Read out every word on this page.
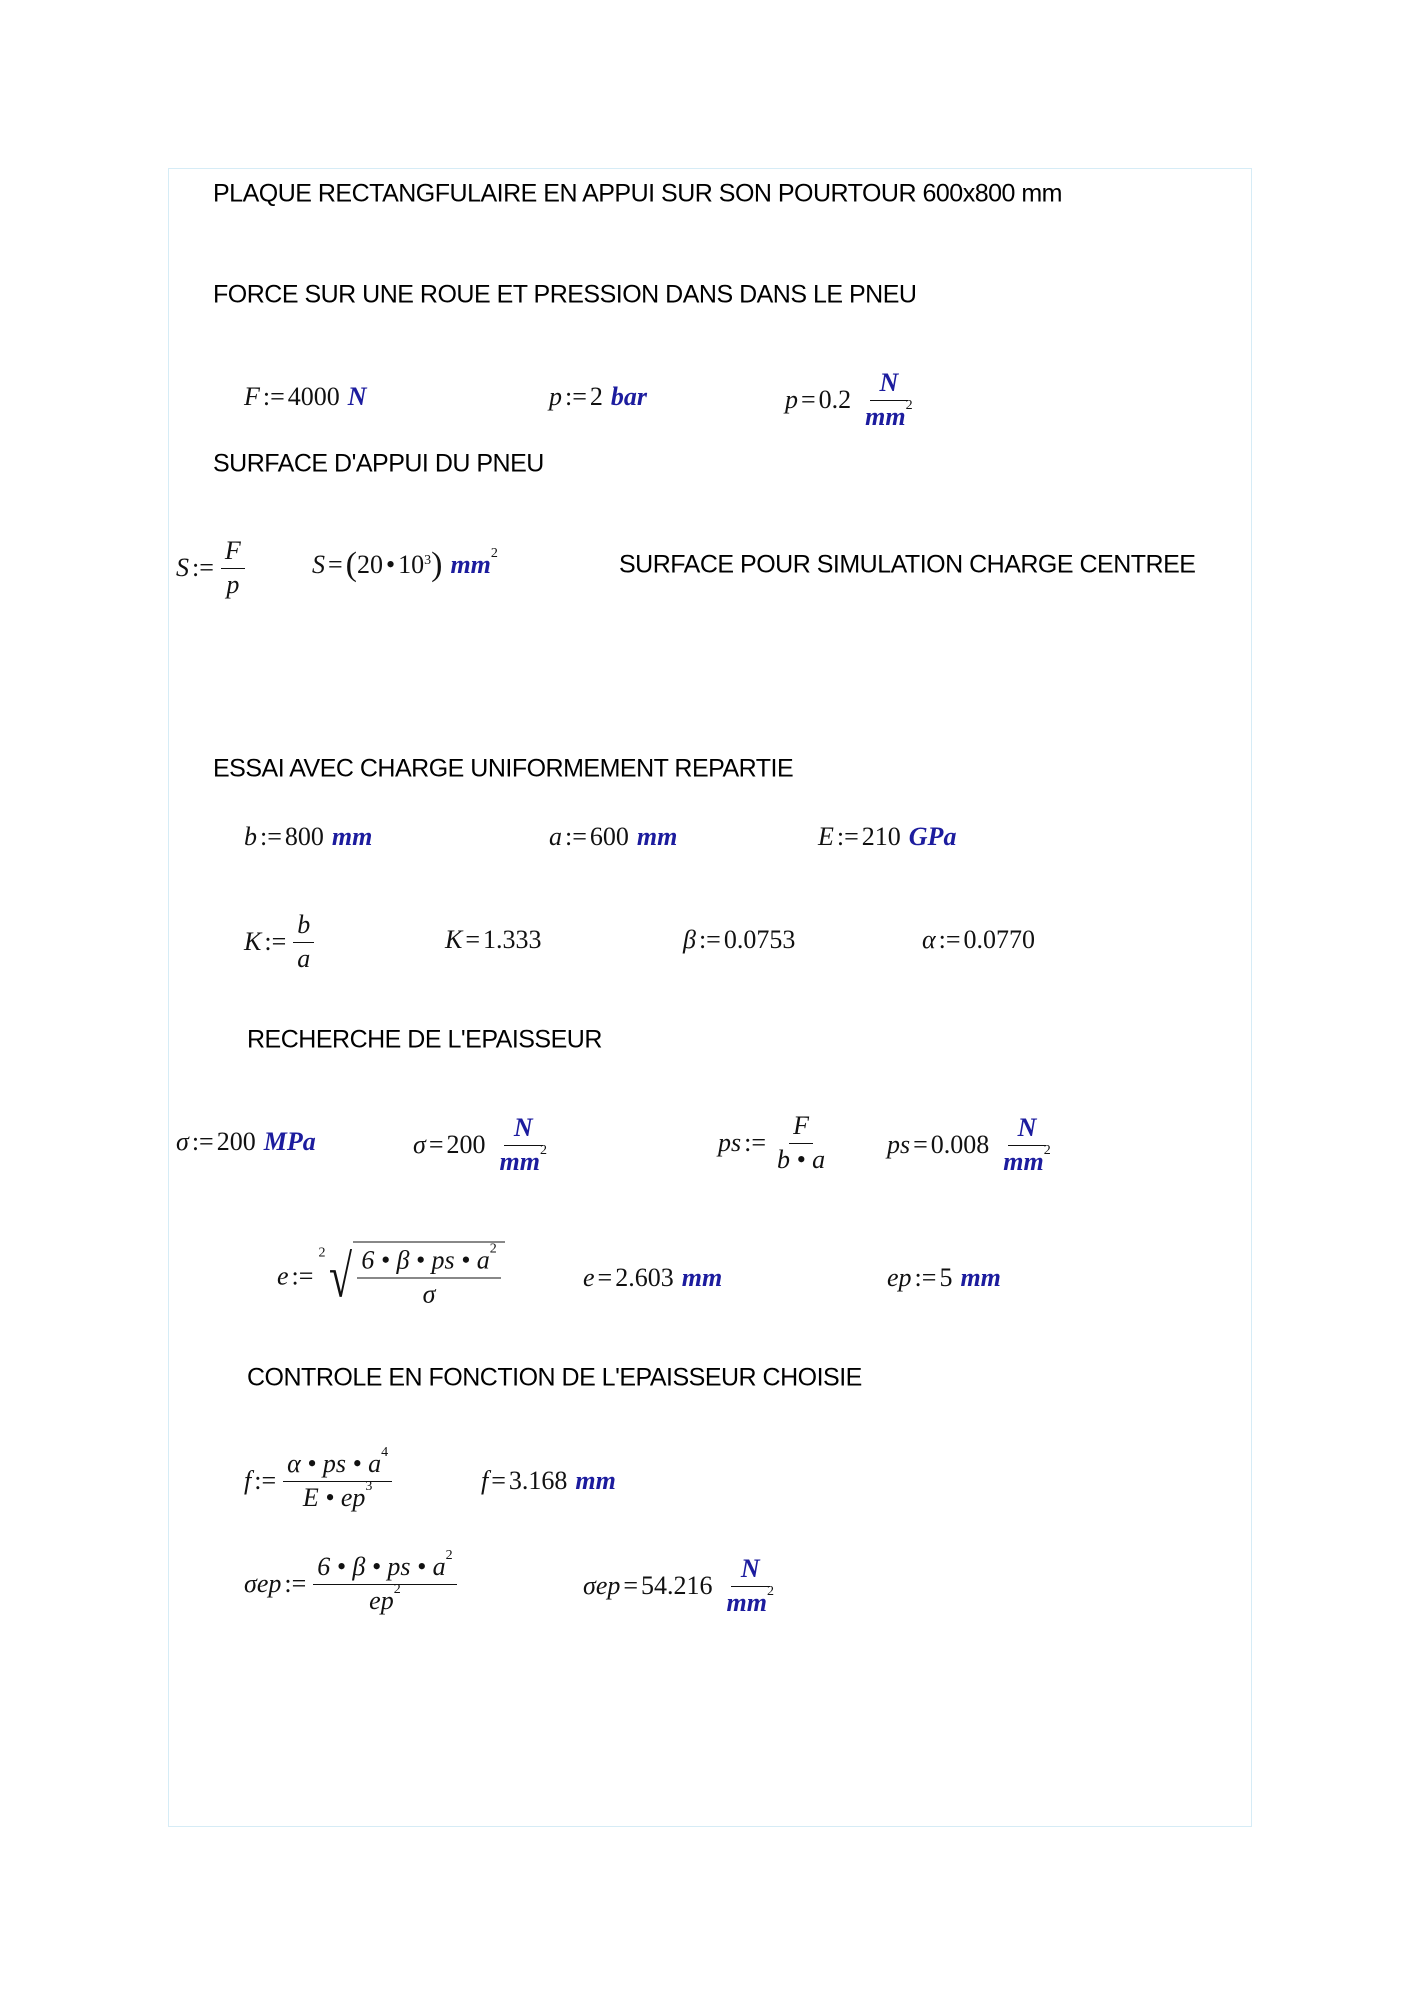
PLAQUE RECTANGFULAIRE EN APPUI SUR SON POURTOUR 600x800 mm
FORCE SUR UNE ROUE ET PRESSION DANS DANS LE PNEU
F := 4000 N	p := 2 bar	$p = 0.2 \frac{N}{mm^2}$
SURFACE D'APPUI DU PNEU
S := $\frac{F}{p}$	S = ( 20 • $10^3$ ) $mm^2$	SURFACE POUR SIMULATION CHARGE CENTREE
ESSAI AVEC CHARGE UNIFORMEMENT REPARTIE
b := 800 mm	a := 600 mm	E := 210 GPa
K := $\frac{b}{a}$	K = 1.333	β := 0.0753	α := 0.0770
RECHERCHE DE L'EPAISSEUR
σ := 200 MPa	$\sigma = 200 \frac{N}{mm^2}$	ps := $\frac{F}{b • a}$ ps = $0.008 \frac{N}{mm^2}$
e :=
2 √ $\frac{6 • \beta • ps • a^2}{\sigma}$	e = 2.603 mm	ep := 5 mm
CONTROLE EN FONCTION DE L'EPAISSEUR CHOISIE
f := $\frac{\alpha • ps • a^4}{E • ep^3}$	f = 3.168 mm
σep := $\frac{6 • \beta • ps • a^2}{ep^2}$	$\sigma ep = 54.216 \frac{N}{mm^2}$
